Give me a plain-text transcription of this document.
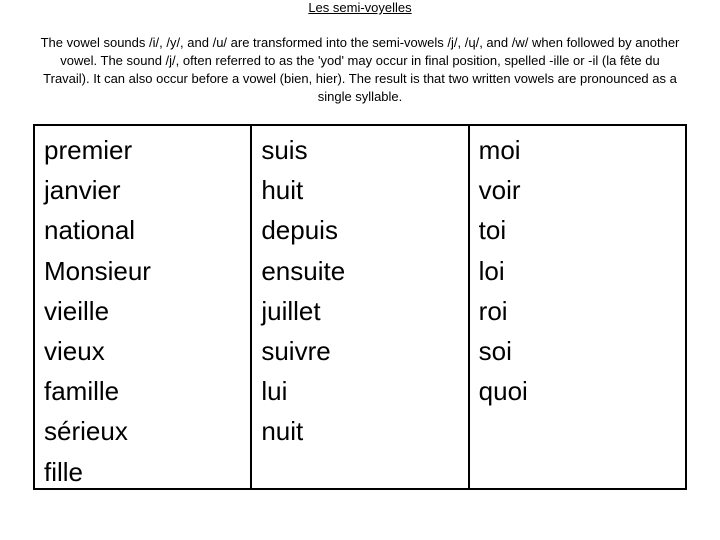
Les semi-voyelles
The vowel sounds /i/, /y/, and /u/ are transformed into the semi-vowels /j/, /ɥ/, and /w/ when followed by another vowel. The sound /j/, often referred to as the 'yod' may occur in final position, spelled -ille or -il (la fête du Travail). It can also occur before a vowel (bien, hier). The result is that two written vowels are pronounced as a single syllable.
premier
janvier
national
Monsieur
vieille
vieux
famille
sérieux
fille
suis
huit
depuis
ensuite
juillet
suivre
lui
nuit
moi
voir
toi
loi
roi
soi
quoi
